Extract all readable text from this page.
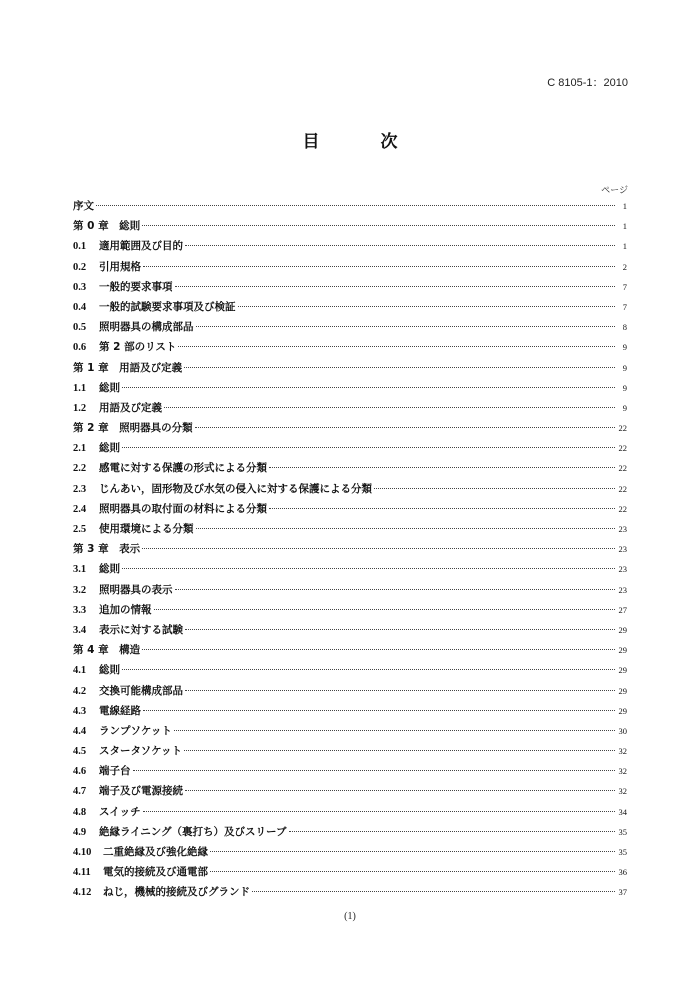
C 8105-1：2010
目　次
ページ
序文	1
第 0 章　総則	1
0.1	適用範囲及び目的	1
0.2	引用規格	2
0.3	一般的要求事項	7
0.4	一般的試験要求事項及び検証	7
0.5	照明器具の構成部品	8
0.6	第 2 部のリスト	9
第 1 章　用語及び定義	9
1.1	総則	9
1.2	用語及び定義	9
第 2 章　照明器具の分類	22
2.1	総則	22
2.2	感電に対する保護の形式による分類	22
2.3	じんあい，固形物及び水気の侵入に対する保護による分類	22
2.4	照明器具の取付面の材料による分類	22
2.5	使用環境による分類	23
第 3 章　表示	23
3.1	総則	23
3.2	照明器具の表示	23
3.3	追加の情報	27
3.4	表示に対する試験	29
第 4 章　構造	29
4.1	総則	29
4.2	交換可能構成部品	29
4.3	電線経路	29
4.4	ランプソケット	30
4.5	スタータソケット	32
4.6	端子台	32
4.7	端子及び電源接続	32
4.8	スイッチ	34
4.9	絶縁ライニング（裏打ち）及びスリーブ	35
4.10	二重絶縁及び強化絶縁	35
4.11	電気的接続及び通電部	36
4.12	ねじ，機械的接続及びグランド	37
(1)
